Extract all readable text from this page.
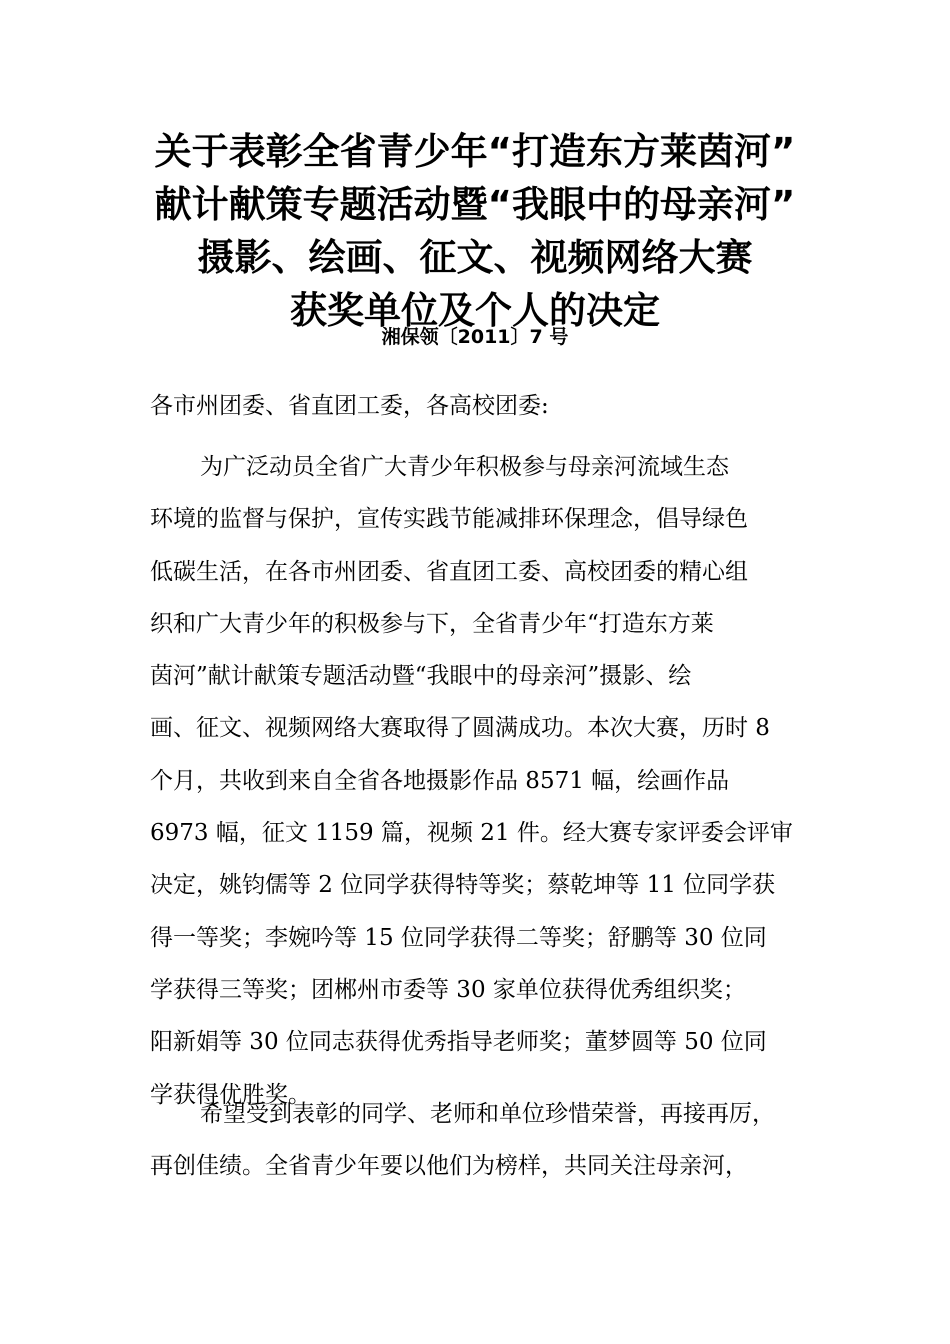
关于表彰全省青少年“打造东方莱茵河”
献计献策专题活动暨“我眼中的母亲河”
摄影、绘画、征文、视频网络大赛
获奖单位及个人的决定
湘保领〔2011〕7 号
各市州团委、省直团工委，各高校团委:
为广泛动员全省广大青少年积极参与母亲河流域生态
环境的监督与保护，宣传实践节能减排环保理念，倡导绿色
低碳生活，在各市州团委、省直团工委、高校团委的精心组
织和广大青少年的积极参与下，全省青少年“打造东方莱
茵河”献计献策专题活动暨“我眼中的母亲河”摄影、绘
画、征文、视频网络大赛取得了圆满成功。本次大赛，历时 8
个月，共收到来自全省各地摄影作品 8571 幅，绘画作品
6973 幅，征文 1159 篇，视频 21 件。经大赛专家评委会评审
决定，姚钧儒等 2 位同学获得特等奖；蔡乾坤等 11 位同学获
得一等奖；李婉吟等 15 位同学获得二等奖；舒鹏等 30 位同
学获得三等奖；团郴州市委等 30 家单位获得优秀组织奖；
阳新娟等 30 位同志获得优秀指导老师奖；董梦圆等 50 位同
学获得优胜奖。
希望受到表彰的同学、老师和单位珍惜荣誉，再接再厉，
再创佳绩。全省青少年要以他们为榜样，共同关注母亲河，
